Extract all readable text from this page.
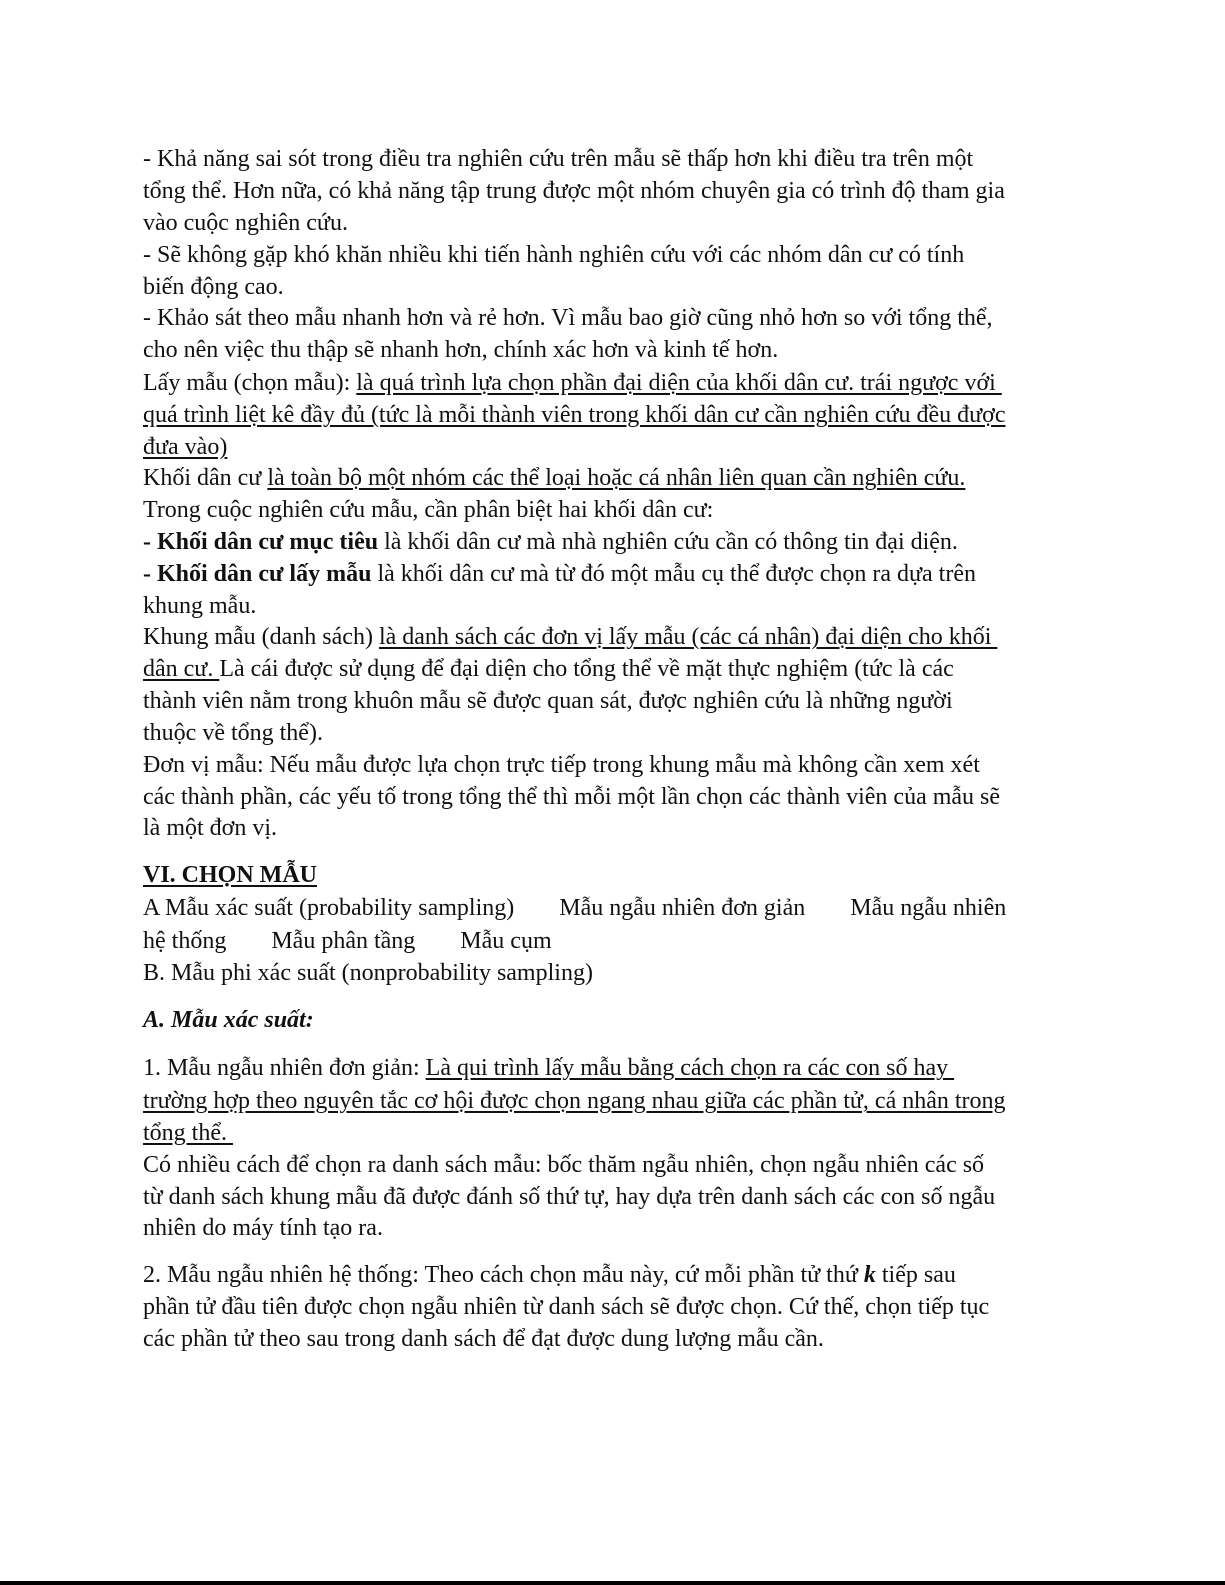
- Khả năng sai sót trong điều tra nghiên cứu trên mẫu sẽ thấp hơn khi điều tra trên một

tổng thể. Hơn nữa, có khả năng tập trung được một nhóm chuyên gia có trình độ tham gia

vào cuộc nghiên cứu.

- Sẽ không gặp khó khăn nhiều khi tiến hành nghiên cứu với các nhóm dân cư có tính

biến động cao.

- Khảo sát theo mẫu nhanh hơn và rẻ hơn. Vì mẫu bao giờ cũng nhỏ hơn so với tổng thể,

cho nên việc thu thập sẽ nhanh hơn, chính xác hơn và kinh tế hơn.

Lấy mẫu (chọn mẫu): là quá trình lựa chọn phần đại diện của khối dân cư. trái ngược với

quá trình liệt kê đầy đủ (tức là mỗi thành viên trong khối dân cư cần nghiên cứu đều được

đưa vào)

Khối dân cư là toàn bộ một nhóm các thể loại hoặc cá nhân liên quan cần nghiên cứu.

Trong cuộc nghiên cứu mẫu, cần phân biệt hai khối dân cư:

- Khối dân cư mục tiêu là khối dân cư mà nhà nghiên cứu cần có thông tin đại diện.

- Khối dân cư lấy mẫu là khối dân cư mà từ đó một mẫu cụ thể được chọn ra dựa trên

khung mẫu.

Khung mẫu (danh sách) là danh sách các đơn vị lấy mẫu (các cá nhân) đại diện cho khối

dân cư. Là cái được sử dụng để đại diện cho tổng thể về mặt thực nghiệm (tức là các

thành viên nằm trong khuôn mẫu sẽ được quan sát, được nghiên cứu là những người

thuộc về tổng thể).

Đơn vị mẫu: Nếu mẫu được lựa chọn trực tiếp trong khung mẫu mà không cần xem xét

các thành phần, các yếu tố trong tổng thể thì mỗi một lần chọn các thành viên của mẫu sẽ

là một đơn vị.

VI. CHỌN MẪU

A Mẫu xác suất (probability sampling) Mẫu ngẫu nhiên đơn giản Mẫu ngẫu nhiên

hệ thống Mẫu phân tầng Mẫu cụm

B. Mẫu phi xác suất (nonprobability sampling)

A. Mẫu xác suất:

1. Mẫu ngẫu nhiên đơn giản: Là qui trình lấy mẫu bằng cách chọn ra các con số hay

trường hợp theo nguyên tắc cơ hội được chọn ngang nhau giữa các phần tử, cá nhân trong

tổng thể.

Có nhiều cách để chọn ra danh sách mẫu: bốc thăm ngẫu nhiên, chọn ngẫu nhiên các số

từ danh sách khung mẫu đã được đánh số thứ tự, hay dựa trên danh sách các con số ngẫu

nhiên do máy tính tạo ra.

2. Mẫu ngẫu nhiên hệ thống: Theo cách chọn mẫu này, cứ mỗi phần tử thứ k tiếp sau

phần tử đầu tiên được chọn ngẫu nhiên từ danh sách sẽ được chọn. Cứ thế, chọn tiếp tục

các phần tử theo sau trong danh sách để đạt được dung lượng mẫu cần.
